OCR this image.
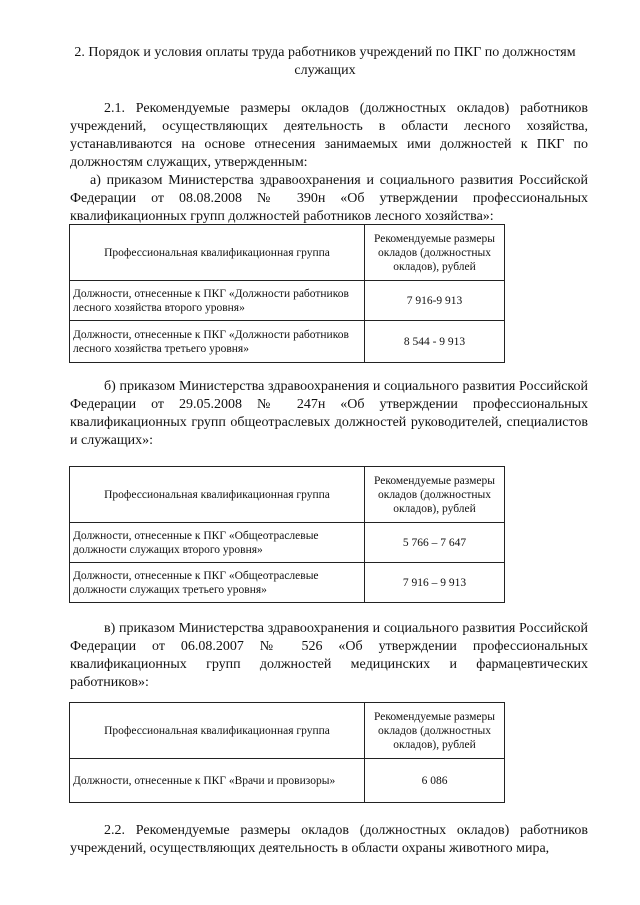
2. Порядок и условия оплаты труда работников учреждений по ПКГ по должностям служащих
2.1. Рекомендуемые размеры окладов (должностных окладов) работников учреждений, осуществляющих деятельность в области лесного хозяйства, устанавливаются на основе отнесения занимаемых ими должностей к ПКГ по должностям служащих, утвержденным:
а) приказом Министерства здравоохранения и социального развития Российской Федерации от 08.08.2008 № 390н «Об утверждении профессиональных квалификационных групп должностей работников лесного хозяйства»:
Профессиональная квалификационная группа	Рекомендуемые размеры окладов (должностных окладов), рублей
Должности, отнесенные к ПКГ «Должности работников лесного хозяйства второго уровня»	7 916-9 913
Должности, отнесенные к ПКГ «Должности работников лесного хозяйства третьего уровня»	8 544 - 9 913
б) приказом Министерства здравоохранения и социального развития Российской Федерации от 29.05.2008 № 247н «Об утверждении профессиональных квалификационных групп общеотраслевых должностей руководителей, специалистов и служащих»:
Профессиональная квалификационная группа	Рекомендуемые размеры окладов (должностных окладов), рублей
Должности, отнесенные к ПКГ «Общеотраслевые должности служащих второго уровня»	5 766 – 7 647
Должности, отнесенные к ПКГ «Общеотраслевые должности служащих третьего уровня»	7 916 – 9 913
в) приказом Министерства здравоохранения и социального развития Российской Федерации от 06.08.2007 № 526 «Об утверждении профессиональных квалификационных групп должностей медицинских и фармацевтических работников»:
Профессиональная квалификационная группа	Рекомендуемые размеры окладов (должностных окладов), рублей
Должности, отнесенные к ПКГ «Врачи и провизоры»	6 086
2.2. Рекомендуемые размеры окладов (должностных окладов) работников учреждений, осуществляющих деятельность в области охраны животного мира,
